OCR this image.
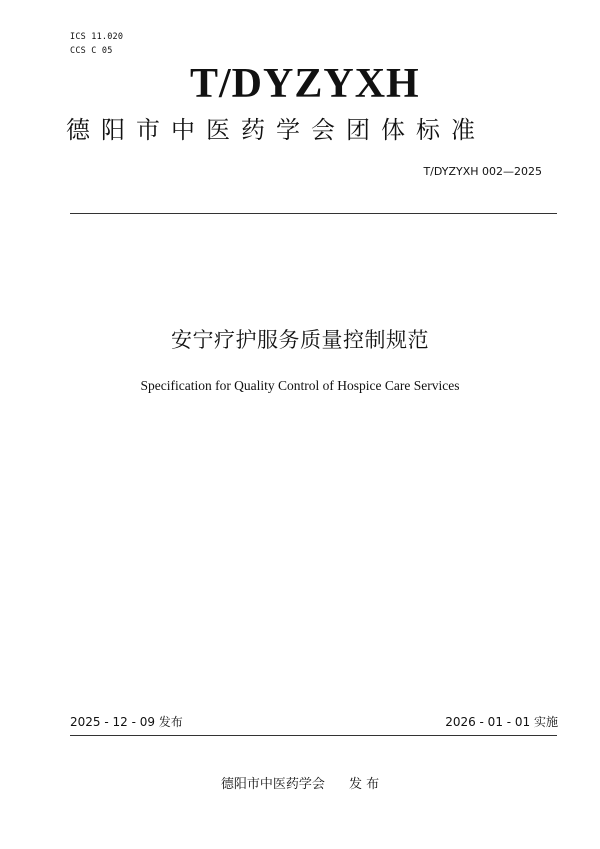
ICS 11.020
CCS C 05
T/DYZYXH
德阳市中医药学会团体标准
T/DYZYXH 002—2025
安宁疗护服务质量控制规范
Specification for Quality Control of Hospice Care Services
2025 - 12 - 09 发布	2026 - 01 - 01 实施
德阳市中医药学会 发 布
